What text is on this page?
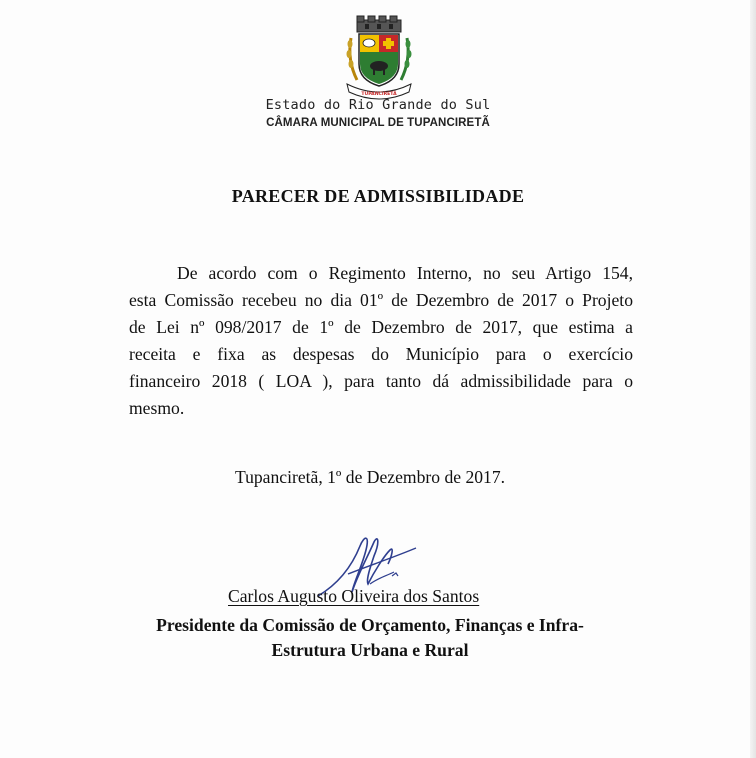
TUPANCIRETÃ
Estado do Rio Grande do Sul
CÂMARA MUNICIPAL DE TUPANCIRETÃ
PARECER DE ADMISSIBILIDADE
De acordo com o Regimento Interno, no seu Artigo 154,
esta Comissão recebeu no dia 01º de Dezembro de 2017 o Projeto
de Lei nº 098/2017 de 1º de Dezembro de 2017, que estima a
receita e fixa as despesas do Município para o exercício
financeiro 2018 ( LOA ), para tanto dá admissibilidade para o
mesmo.
Tupanciretã, 1º de Dezembro de 2017.
Carlos Augusto Oliveira dos Santos
Presidente da Comissão de Orçamento, Finanças e Infra-
Estrutura Urbana e Rural
